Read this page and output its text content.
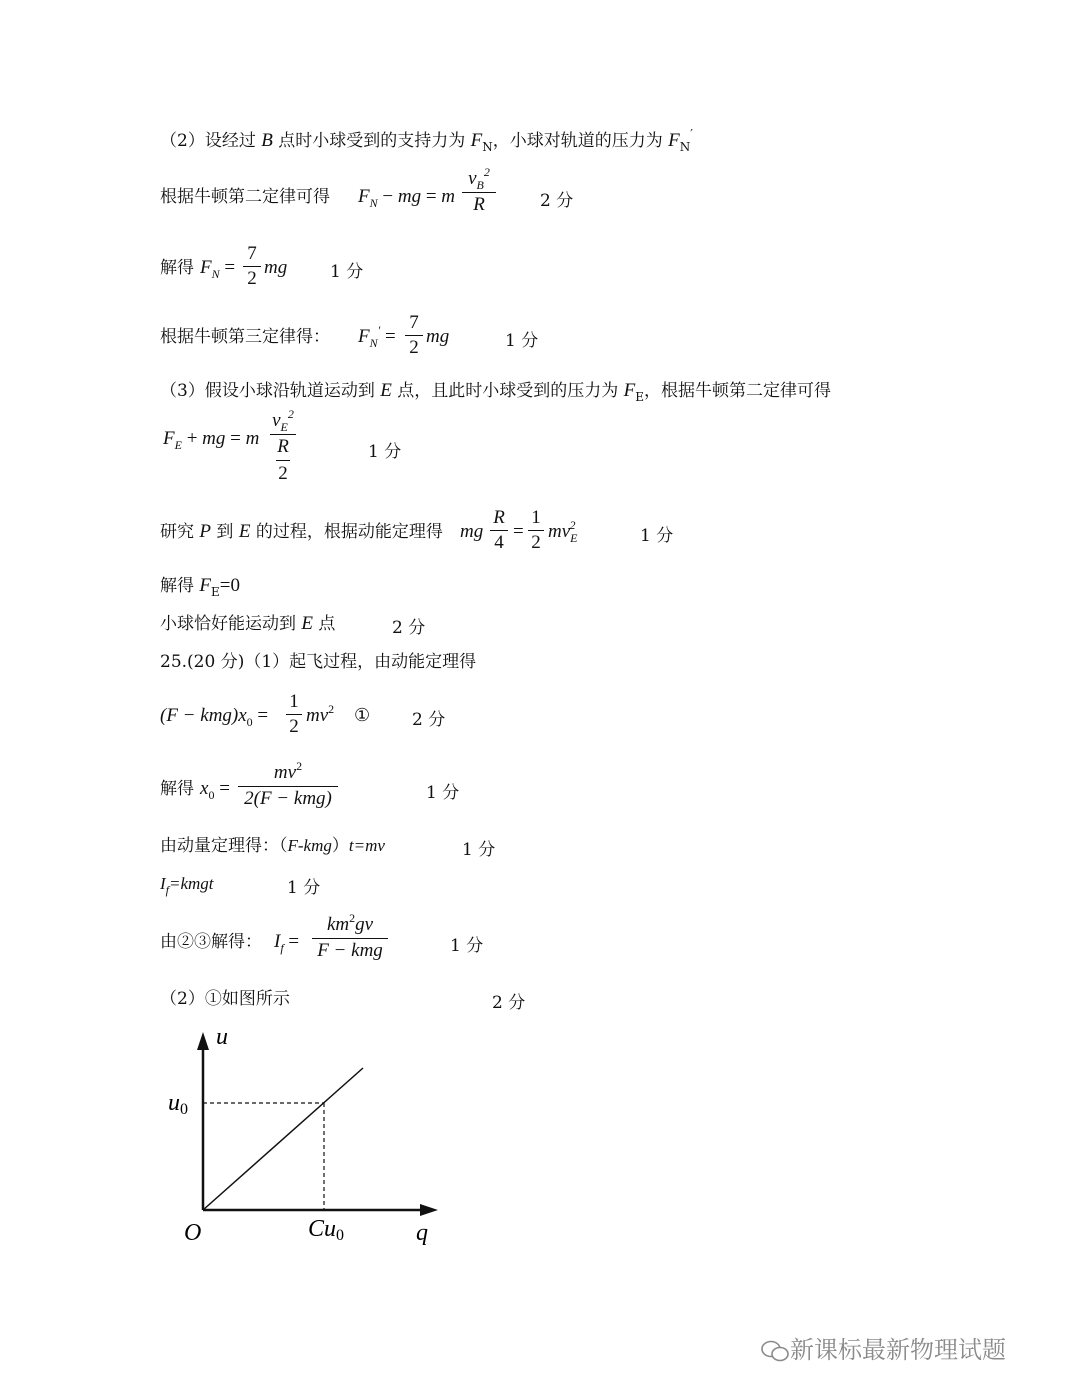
（2）设经过 B 点时小球受到的支持力为 $F_N$，小球对轨道的压力为 $F_N'$
根据牛顿第二定律可得 $F_N$ − mg = m
$v_B^2$
R	2 分
解得 $F_N$ =
7
2
mg	1 分
根据牛顿第三定律得： $F_N'$ =
7
2
mg	1 分
（3）假设小球沿轨道运动到 E 点，且此时小球受到的压力为 $F_E$，根据牛顿第二定律可得
$F_E$ + mg = m
$v_E^2$
R
2
1 分
研究 P 到 E 的过程，根据动能定理得 mg
R
4
=
1
2
$mv_E^2$
1 分
解得 $F_E=0$
小球恰好能运动到 E 点	2 分
25.(20 分)（1）起飞过程，由动能定理得
$(F - kmg)x_0$ =
1
2
$mv^2$ ① 2 分
解得 $x_0$ =
$mv^2$
2(F − kmg)	1 分
由动量定理得：（F-kmg）t=mv	1 分
$I_f=kmgt$	1 分
由②③解得： $I_f$ =
$km^2gv$
F − kmg	1 分
（2）①如图所示	2 分
u
q
O
u0
Cu0
新课标最新物理试题
